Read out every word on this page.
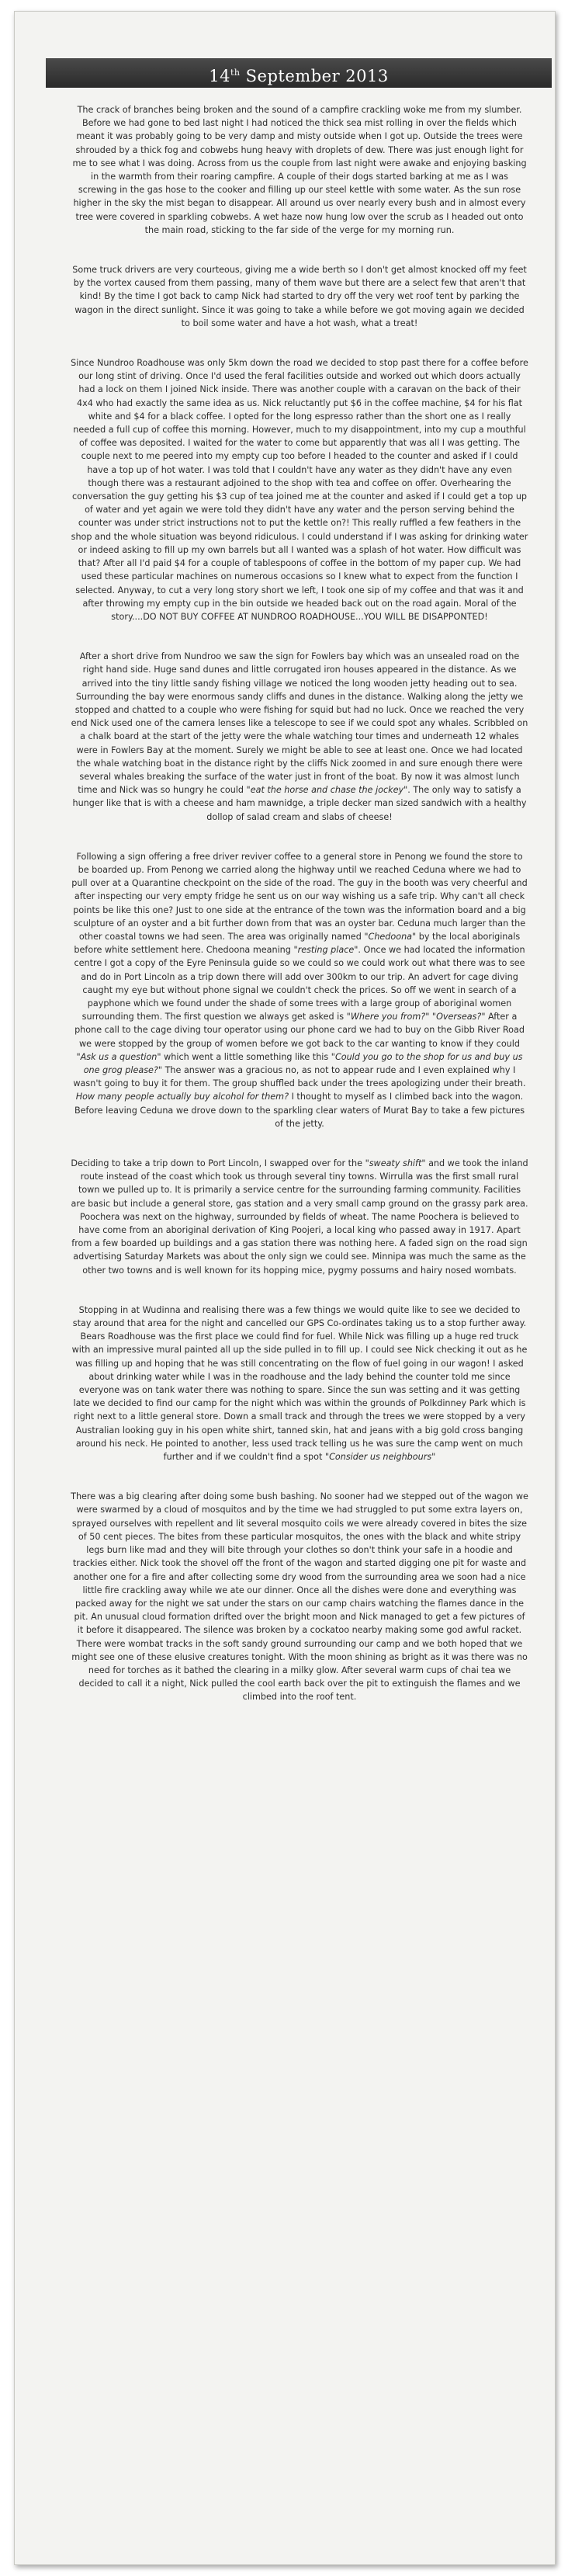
14th September 2013

The crack of branches being broken and the sound of a campfire crackling woke me from my slumber. Before we had gone to bed last night I had noticed the thick sea mist rolling in over the fields which meant it was probably going to be very damp and misty outside when I got up. Outside the trees were shrouded by a thick fog and cobwebs hung heavy with droplets of dew. There was just enough light for me to see what I was doing. Across from us the couple from last night were awake and enjoying basking in the warmth from their roaring campfire. A couple of their dogs started barking at me as I was screwing in the gas hose to the cooker and filling up our steel kettle with some water. As the sun rose higher in the sky the mist began to disappear. All around us over nearly every bush and in almost every tree were covered in sparkling cobwebs. A wet haze now hung low over the scrub as I headed out onto the main road, sticking to the far side of the verge for my morning run.

Some truck drivers are very courteous, giving me a wide berth so I don't get almost knocked off my feet by the vortex caused from them passing, many of them wave but there are a select few that aren't that kind! By the time I got back to camp Nick had started to dry off the very wet roof tent by parking the wagon in the direct sunlight. Since it was going to take a while before we got moving again we decided to boil some water and have a hot wash, what a treat!

Since Nundroo Roadhouse was only 5km down the road we decided to stop past there for a coffee before our long stint of driving. Once I'd used the feral facilities outside and worked out which doors actually had a lock on them I joined Nick inside. There was another couple with a caravan on the back of their 4x4 who had exactly the same idea as us. Nick reluctantly put $6 in the coffee machine, $4 for his flat white and $4 for a black coffee. I opted for the long espresso rather than the short one as I really needed a full cup of coffee this morning. However, much to my disappointment, into my cup a mouthful of coffee was deposited. I waited for the water to come but apparently that was all I was getting. The couple next to me peered into my empty cup too before I headed to the counter and asked if I could have a top up of hot water. I was told that I couldn't have any water as they didn't have any even though there was a restaurant adjoined to the shop with tea and coffee on offer. Overhearing the conversation the guy getting his $3 cup of tea joined me at the counter and asked if I could get a top up of water and yet again we were told they didn't have any water and the person serving behind the counter was under strict instructions not to put the kettle on?! This really ruffled a few feathers in the shop and the whole situation was beyond ridiculous. I could understand if I was asking for drinking water or indeed asking to fill up my own barrels but all I wanted was a splash of hot water. How difficult was that? After all I'd paid $4 for a couple of tablespoons of coffee in the bottom of my paper cup. We had used these particular machines on numerous occasions so I knew what to expect from the function I selected. Anyway, to cut a very long story short we left, I took one sip of my coffee and that was it and after throwing my empty cup in the bin outside we headed back out on the road again. Moral of the story....DO NOT BUY COFFEE AT NUNDROO ROADHOUSE...YOU WILL BE DISAPPONTED!

After a short drive from Nundroo we saw the sign for Fowlers bay which was an unsealed road on the right hand side. Huge sand dunes and little corrugated iron houses appeared in the distance. As we arrived into the tiny little sandy fishing village we noticed the long wooden jetty heading out to sea. Surrounding the bay were enormous sandy cliffs and dunes in the distance. Walking along the jetty we stopped and chatted to a couple who were fishing for squid but had no luck. Once we reached the very end Nick used one of the camera lenses like a telescope to see if we could spot any whales. Scribbled on a chalk board at the start of the jetty were the whale watching tour times and underneath 12 whales were in Fowlers Bay at the moment. Surely we might be able to see at least one. Once we had located the whale watching boat in the distance right by the cliffs Nick zoomed in and sure enough there were several whales breaking the surface of the water just in front of the boat. By now it was almost lunch time and Nick was so hungry he could "eat the horse and chase the jockey". The only way to satisfy a hunger like that is with a cheese and ham mawnidge, a triple decker man sized sandwich with a healthy dollop of salad cream and slabs of cheese!

Following a sign offering a free driver reviver coffee to a general store in Penong we found the store to be boarded up. From Penong we carried along the highway until we reached Ceduna where we had to pull over at a Quarantine checkpoint on the side of the road. The guy in the booth was very cheerful and after inspecting our very empty fridge he sent us on our way wishing us a safe trip. Why can't all check points be like this one? Just to one side at the entrance of the town was the information board and a big sculpture of an oyster and a bit further down from that was an oyster bar. Ceduna much larger than the other coastal towns we had seen. The area was originally named "Chedoona" by the local aboriginals before white settlement here. Chedoona meaning "resting place". Once we had located the information centre I got a copy of the Eyre Peninsula guide so we could so we could work out what there was to see and do in Port Lincoln as a trip down there will add over 300km to our trip. An advert for cage diving caught my eye but without phone signal we couldn't check the prices. So off we went in search of a payphone which we found under the shade of some trees with a large group of aboriginal women surrounding them. The first question we always get asked is "Where you from?" "Overseas?" After a phone call to the cage diving tour operator using our phone card we had to buy on the Gibb River Road we were stopped by the group of women before we got back to the car wanting to know if they could "Ask us a question" which went a little something like this "Could you go to the shop for us and buy us one grog please?" The answer was a gracious no, as not to appear rude and I even explained why I wasn't going to buy it for them. The group shuffled back under the trees apologizing under their breath. How many people actually buy alcohol for them? I thought to myself as I climbed back into the wagon. Before leaving Ceduna we drove down to the sparkling clear waters of Murat Bay to take a few pictures of the jetty.

Deciding to take a trip down to Port Lincoln, I swapped over for the "sweaty shift" and we took the inland route instead of the coast which took us through several tiny towns. Wirrulla was the first small rural town we pulled up to. It is primarily a service centre for the surrounding farming community. Facilities are basic but include a general store, gas station and a very small camp ground on the grassy park area. Poochera was next on the highway, surrounded by fields of wheat. The name Poochera is believed to have come from an aboriginal derivation of King Poojeri, a local king who passed away in 1917. Apart from a few boarded up buildings and a gas station there was nothing here. A faded sign on the road sign advertising Saturday Markets was about the only sign we could see. Minnipa was much the same as the other two towns and is well known for its hopping mice, pygmy possums and hairy nosed wombats.

Stopping in at Wudinna and realising there was a few things we would quite like to see we decided to stay around that area for the night and cancelled our GPS Co-ordinates taking us to a stop further away. Bears Roadhouse was the first place we could find for fuel. While Nick was filling up a huge red truck with an impressive mural painted all up the side pulled in to fill up. I could see Nick checking it out as he was filling up and hoping that he was still concentrating on the flow of fuel going in our wagon! I asked about drinking water while I was in the roadhouse and the lady behind the counter told me since everyone was on tank water there was nothing to spare. Since the sun was setting and it was getting late we decided to find our camp for the night which was within the grounds of Polkdinney Park which is right next to a little general store. Down a small track and through the trees we were stopped by a very Australian looking guy in his open white shirt, tanned skin, hat and jeans with a big gold cross banging around his neck. He pointed to another, less used track telling us he was sure the camp went on much further and if we couldn't find a spot "Consider us neighbours"

There was a big clearing after doing some bush bashing. No sooner had we stepped out of the wagon we were swarmed by a cloud of mosquitos and by the time we had struggled to put some extra layers on, sprayed ourselves with repellent and lit several mosquito coils we were already covered in bites the size of 50 cent pieces. The bites from these particular mosquitos, the ones with the black and white stripy legs burn like mad and they will bite through your clothes so don't think your safe in a hoodie and trackies either. Nick took the shovel off the front of the wagon and started digging one pit for waste and another one for a fire and after collecting some dry wood from the surrounding area we soon had a nice little fire crackling away while we ate our dinner. Once all the dishes were done and everything was packed away for the night we sat under the stars on our camp chairs watching the flames dance in the pit. An unusual cloud formation drifted over the bright moon and Nick managed to get a few pictures of it before it disappeared. The silence was broken by a cockatoo nearby making some god awful racket. There were wombat tracks in the soft sandy ground surrounding our camp and we both hoped that we might see one of these elusive creatures tonight. With the moon shining as bright as it was there was no need for torches as it bathed the clearing in a milky glow. After several warm cups of chai tea we decided to call it a night, Nick pulled the cool earth back over the pit to extinguish the flames and we climbed into the roof tent.
